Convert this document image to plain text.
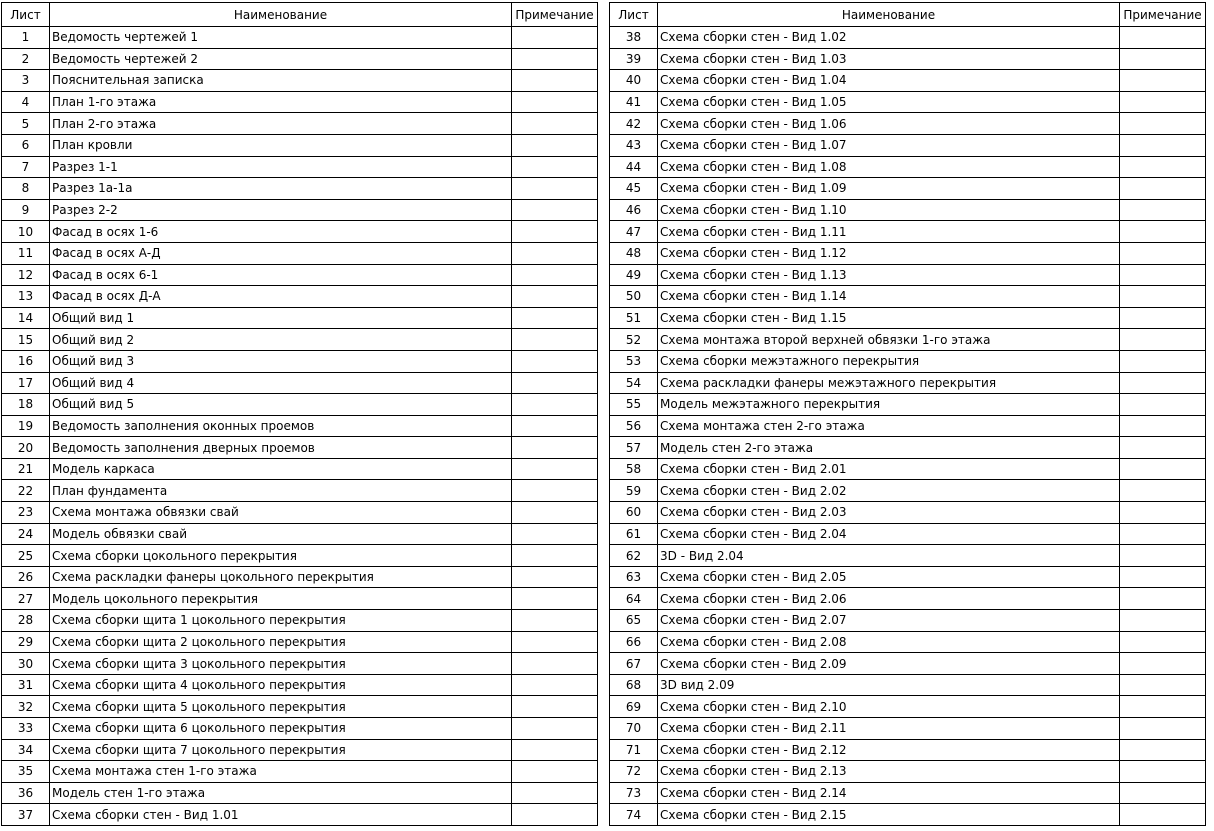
Лист	Наименование	Примечание
1	Ведомость чертежей 1	
2	Ведомость чертежей 2	
3	Пояснительная записка	
4	План 1-го этажа	
5	План 2-го этажа	
6	План кровли	
7	Разрез 1-1	
8	Разрез 1а-1а	
9	Разрез 2-2	
10	Фасад в осях 1-6	
11	Фасад в осях А-Д	
12	Фасад в осях 6-1	
13	Фасад в осях Д-А	
14	Общий вид 1	
15	Общий вид 2	
16	Общий вид 3	
17	Общий вид 4	
18	Общий вид 5	
19	Ведомость заполнения оконных проемов	
20	Ведомость заполнения дверных проемов	
21	Модель каркаса	
22	План фундамента	
23	Схема монтажа обвязки свай	
24	Модель обвязки свай	
25	Схема сборки цокольного перекрытия	
26	Схема раскладки фанеры цокольного перекрытия	
27	Модель цокольного перекрытия	
28	Схема сборки щита 1 цокольного перекрытия	
29	Схема сборки щита 2 цокольного перекрытия	
30	Схема сборки щита 3 цокольного перекрытия	
31	Схема сборки щита 4 цокольного перекрытия	
32	Схема сборки щита 5 цокольного перекрытия	
33	Схема сборки щита 6 цокольного перекрытия	
34	Схема сборки щита 7 цокольного перекрытия	
35	Схема монтажа стен 1-го этажа	
36	Модель стен 1-го этажа	
37	Схема сборки стен - Вид 1.01	
Лист	Наименование	Примечание
38	Схема сборки стен - Вид 1.02	
39	Схема сборки стен - Вид 1.03	
40	Схема сборки стен - Вид 1.04	
41	Схема сборки стен - Вид 1.05	
42	Схема сборки стен - Вид 1.06	
43	Схема сборки стен - Вид 1.07	
44	Схема сборки стен - Вид 1.08	
45	Схема сборки стен - Вид 1.09	
46	Схема сборки стен - Вид 1.10	
47	Схема сборки стен - Вид 1.11	
48	Схема сборки стен - Вид 1.12	
49	Схема сборки стен - Вид 1.13	
50	Схема сборки стен - Вид 1.14	
51	Схема сборки стен - Вид 1.15	
52	Схема монтажа второй верхней обвязки 1-го этажа	
53	Схема сборки межэтажного перекрытия	
54	Схема раскладки фанеры межэтажного перекрытия	
55	Модель межэтажного перекрытия	
56	Схема монтажа стен 2-го этажа	
57	Модель стен 2-го этажа	
58	Схема сборки стен - Вид 2.01	
59	Схема сборки стен - Вид 2.02	
60	Схема сборки стен - Вид 2.03	
61	Схема сборки стен - Вид 2.04	
62	3D - Вид 2.04	
63	Схема сборки стен - Вид 2.05	
64	Схема сборки стен - Вид 2.06	
65	Схема сборки стен - Вид 2.07	
66	Схема сборки стен - Вид 2.08	
67	Схема сборки стен - Вид 2.09	
68	3D вид 2.09	
69	Схема сборки стен - Вид 2.10	
70	Схема сборки стен - Вид 2.11	
71	Схема сборки стен - Вид 2.12	
72	Схема сборки стен - Вид 2.13	
73	Схема сборки стен - Вид 2.14	
74	Схема сборки стен - Вид 2.15	
